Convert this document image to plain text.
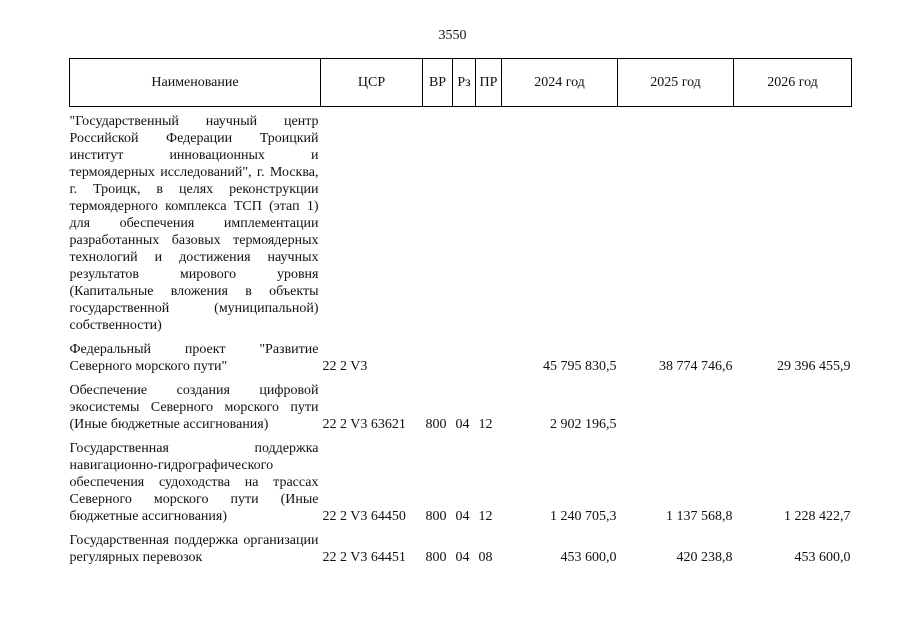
3550
Наименование	ЦСР	ВР	Рз	ПР	2024 год	2025 год	2026 год

"Государственный научный центр Российской Федерации Троицкий институт инновационных и термоядерных исследований", г. Москва, г. Троицк, в целях реконструкции термоядерного комплекса ТСП (этап 1) для обеспечения имплементации разработанных базовых термоядерных технологий и достижения научных результатов мирового уровня (Капитальные вложения в объекты государственной (муниципальной) собственности)							
Федеральный проект "Развитие Северного морского пути"	22 2 V3				45 795 830,5	38 774 746,6	29 396 455,9
Обеспечение создания цифровой экосистемы Северного морского пути (Иные бюджетные ассигнования)	22 2 V3 63621	800	04	12	2 902 196,5		
Государственная поддержка навигационно-гидрографического обеспечения судоходства на трассах Северного морского пути (Иные бюджетные ассигнования)	22 2 V3 64450	800	04	12	1 240 705,3	1 137 568,8	1 228 422,7
Государственная поддержка организации регулярных перевозок	22 2 V3 64451	800	04	08	453 600,0	420 238,8	453 600,0
